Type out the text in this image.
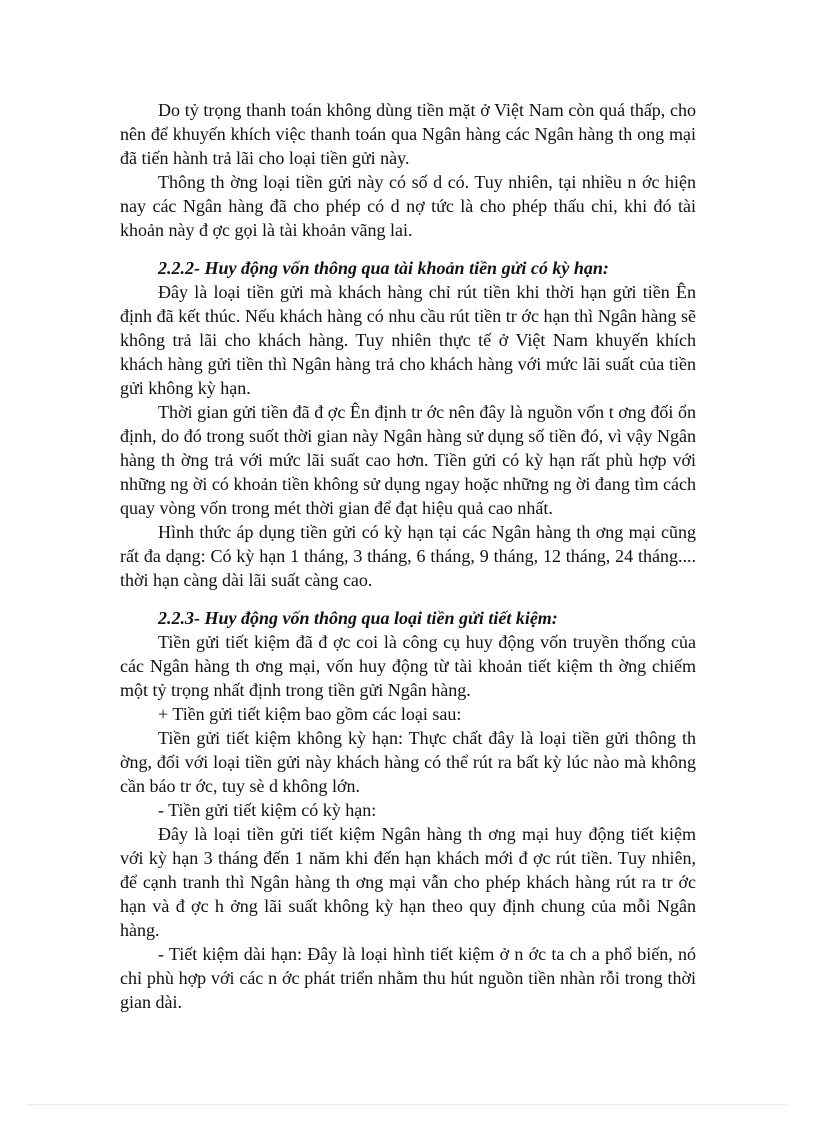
Do tỷ trọng thanh toán không dùng tiền mặt ở Việt Nam còn quá thấp, cho nên để khuyến khích việc thanh toán qua Ngân hàng các Ngân hàng th ong mại đã tiến hành trả lãi cho loại tiền gửi này.

Thông th ờng loại tiền gửi này có số d có. Tuy nhiên, tại nhiều n ớc hiện nay các Ngân hàng đã cho phép có d nợ tức là cho phép thấu chi, khi đó tài khoản này đ ợc gọi là tài khoản vãng lai.

2.2.2- Huy động vốn thông qua tài khoản tiền gửi có kỳ hạn:

Đây là loại tiền gửi mà khách hàng chỉ rút tiền khi thời hạn gửi tiền Ên định đã kết thúc. Nếu khách hàng có nhu cầu rút tiền tr ớc hạn thì Ngân hàng sẽ không trả lãi cho khách hàng. Tuy nhiên thực tế ở Việt Nam khuyến khích khách hàng gửi tiền thì Ngân hàng trả cho khách hàng với mức lãi suất của tiền gửi không kỳ hạn.

Thời gian gửi tiền đã đ ợc Ên định tr ớc nên đây là nguồn vốn t ơng đối ổn định, do đó trong suốt thời gian này Ngân hàng sử dụng số tiền đó, vì vậy Ngân hàng th ờng trả với mức lãi suất cao hơn. Tiền gửi có kỳ hạn rất phù hợp với những ng ời có khoản tiền không sử dụng ngay hoặc những ng ời đang tìm cách quay vòng vốn trong mét thời gian để đạt hiệu quả cao nhất.

Hình thức áp dụng tiền gửi có kỳ hạn tại các Ngân hàng th ơng mại cũng rất đa dạng: Có kỳ hạn 1 tháng, 3 tháng, 6 tháng, 9 tháng, 12 tháng, 24 tháng.... thời hạn càng dài lãi suất càng cao.

2.2.3- Huy động vốn thông qua loại tiền gửi tiết kiệm:

Tiền gửi tiết kiệm đã đ ợc coi là công cụ huy động vốn truyền thống của các Ngân hàng th ơng mại, vốn huy động từ tài khoản tiết kiệm th ờng chiếm một tỷ trọng nhất định trong tiền gửi Ngân hàng.

+ Tiền gửi tiết kiệm bao gồm các loại sau:

Tiền gửi tiết kiệm không kỳ hạn: Thực chất đây là loại tiền gửi thông th ờng, đối với loại tiền gửi này khách hàng có thể rút ra bất kỳ lúc nào mà không cần báo tr ớc, tuy sè d không lớn.

- Tiền gửi tiết kiệm có kỳ hạn:

Đây là loại tiền gửi tiết kiệm Ngân hàng th ơng mại huy động tiết kiệm với kỳ hạn 3 tháng đến 1 năm khi đến hạn khách mới đ ợc rút tiền. Tuy nhiên, để cạnh tranh thì Ngân hàng th ơng mại vẫn cho phép khách hàng rút ra tr ớc hạn và đ ợc h ởng lãi suất không kỳ hạn theo quy định chung của mỗi Ngân hàng.

- Tiết kiệm dài hạn: Đây là loại hình tiết kiệm ở n ớc ta ch a phổ biến, nó chỉ phù hợp với các n ớc phát triển nhằm thu hút nguồn tiền nhàn rỗi trong thời gian dài.
